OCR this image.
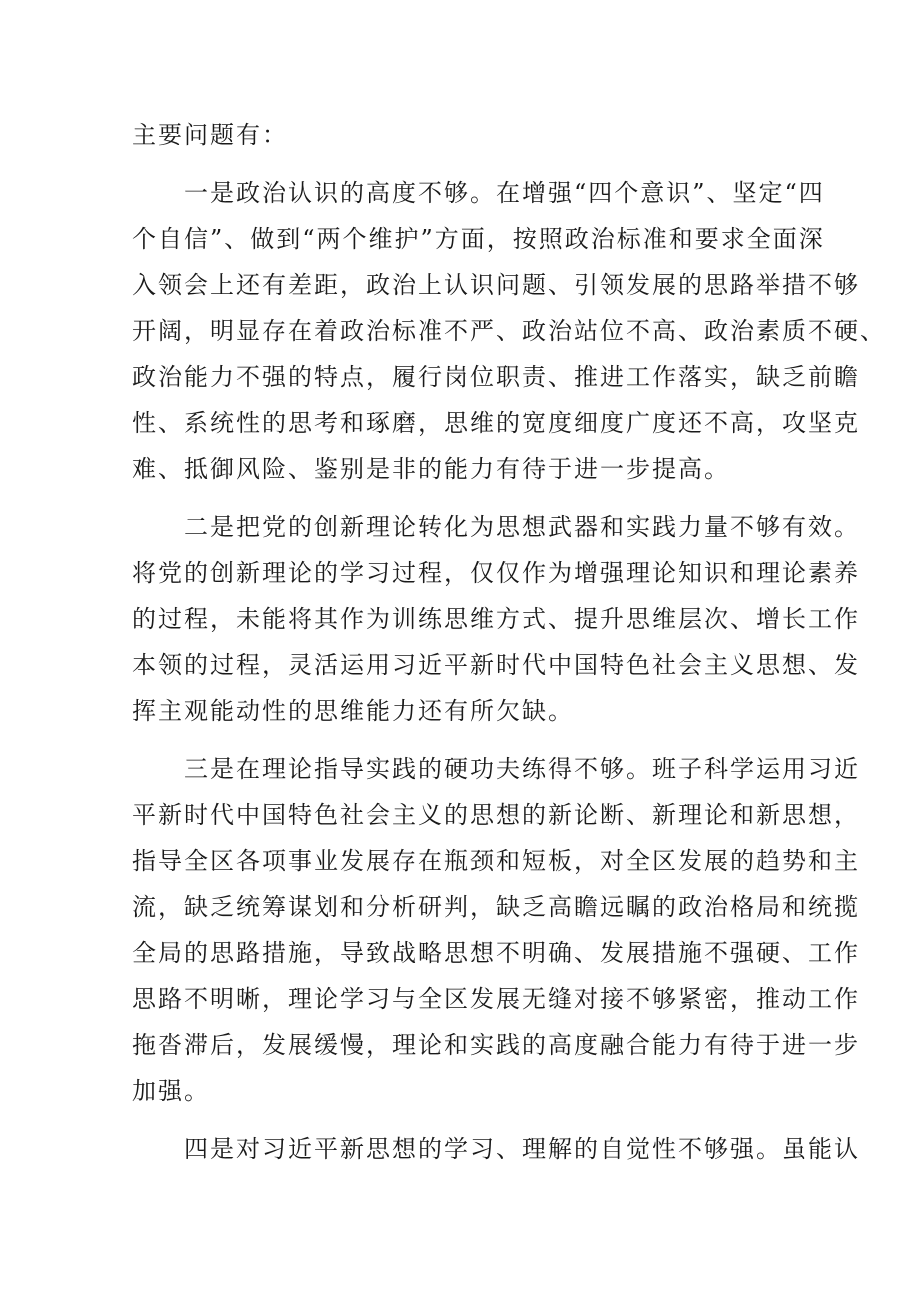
主要问题有：
一是政治认识的高度不够。在增强“四个意识”、坚定“四
个自信”、做到“两个维护”方面，按照政治标准和要求全面深
入领会上还有差距，政治上认识问题、引领发展的思路举措不够
开阔，明显存在着政治标准不严、政治站位不高、政治素质不硬、
政治能力不强的特点，履行岗位职责、推进工作落实，缺乏前瞻
性、系统性的思考和琢磨，思维的宽度细度广度还不高，攻坚克
难、抵御风险、鉴别是非的能力有待于进一步提高。
二是把党的创新理论转化为思想武器和实践力量不够有效。
将党的创新理论的学习过程，仅仅作为增强理论知识和理论素养
的过程，未能将其作为训练思维方式、提升思维层次、增长工作
本领的过程，灵活运用习近平新时代中国特色社会主义思想、发
挥主观能动性的思维能力还有所欠缺。
三是在理论指导实践的硬功夫练得不够。班子科学运用习近
平新时代中国特色社会主义的思想的新论断、新理论和新思想，
指导全区各项事业发展存在瓶颈和短板，对全区发展的趋势和主
流，缺乏统筹谋划和分析研判，缺乏高瞻远瞩的政治格局和统揽
全局的思路措施，导致战略思想不明确、发展措施不强硬、工作
思路不明晰，理论学习与全区发展无缝对接不够紧密，推动工作
拖沓滞后，发展缓慢，理论和实践的高度融合能力有待于进一步
加强。
四是对习近平新思想的学习、理解的自觉性不够强。虽能认
